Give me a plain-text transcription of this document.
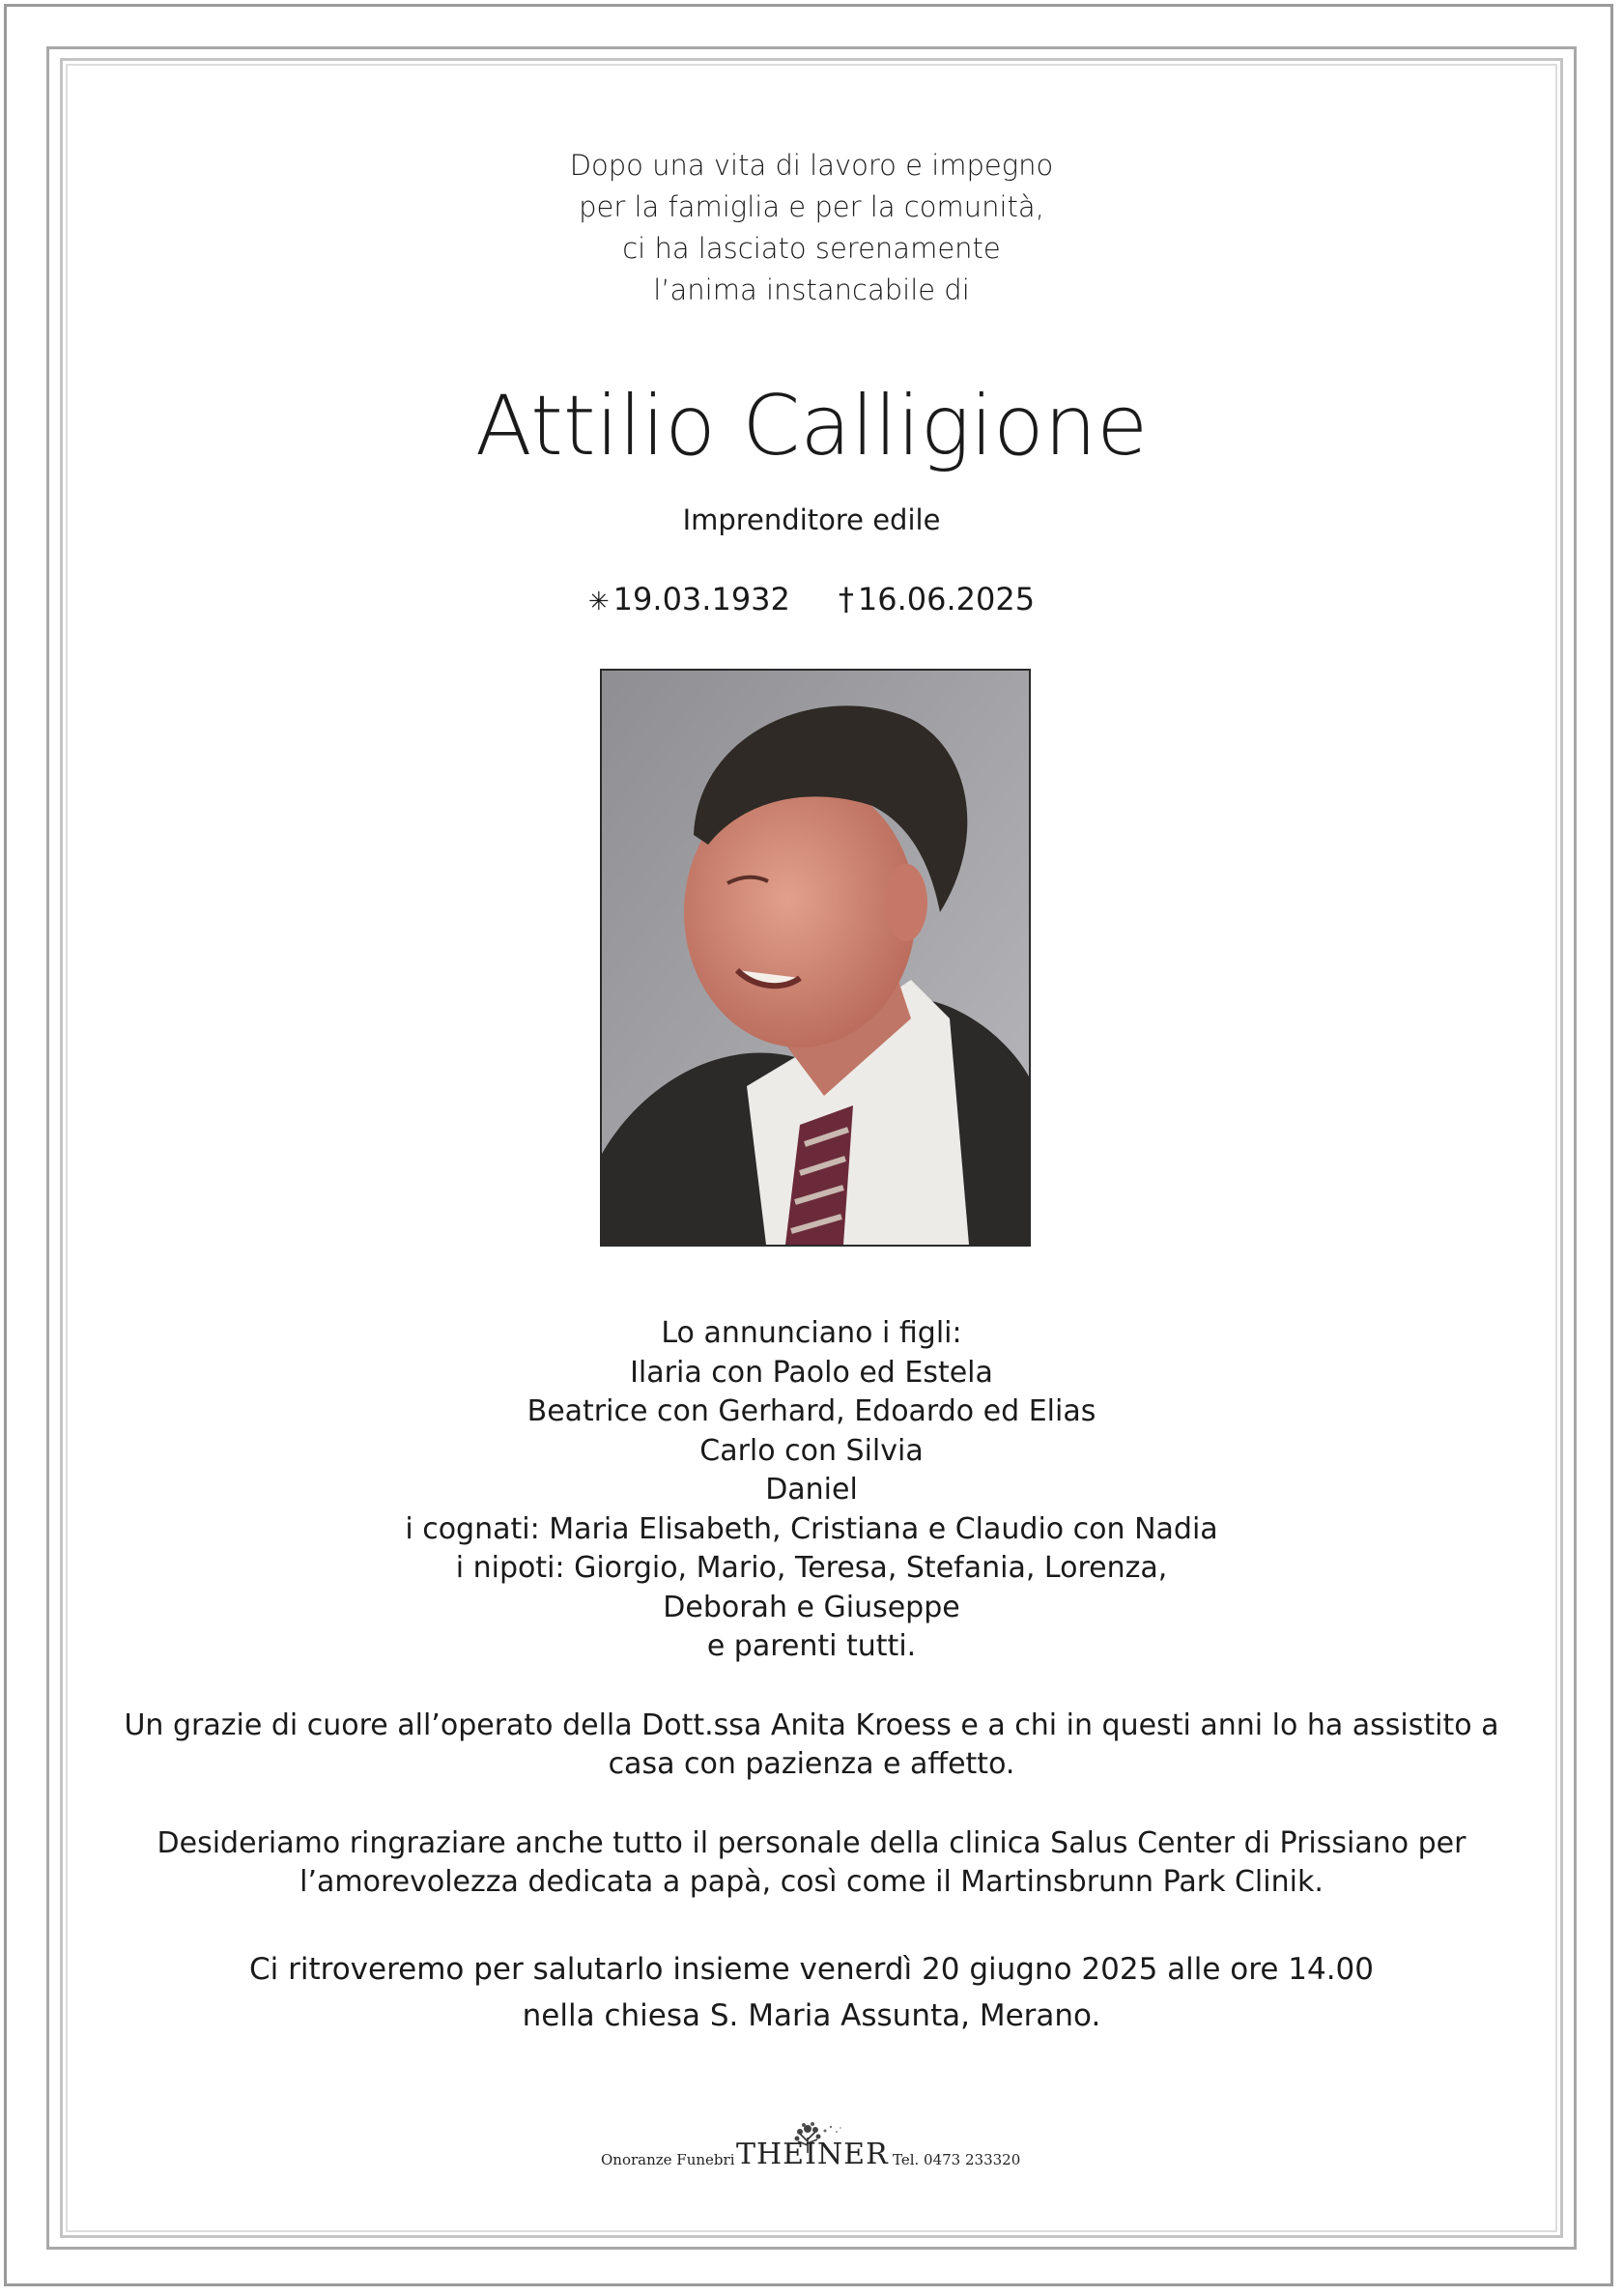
Dopo una vita di lavoro e impegno
per la famiglia e per la comunità,
ci ha lasciato serenamente
l’anima instancabile di
Attilio Calligione
Imprenditore edile
✳ 19.03.1932 † 16.06.2025
Lo annunciano i figli:
Ilaria con Paolo ed Estela
Beatrice con Gerhard, Edoardo ed Elias
Carlo con Silvia
Daniel
i cognati: Maria Elisabeth, Cristiana e Claudio con Nadia
i nipoti: Giorgio, Mario, Teresa, Stefania, Lorenza,
Deborah e Giuseppe
e parenti tutti.
Un grazie di cuore all’operato della Dott.ssa Anita Kroess e a chi in questi anni lo ha assistito a
casa con pazienza e affetto.
Desideriamo ringraziare anche tutto il personale della clinica Salus Center di Prissiano per
l’amorevolezza dedicata a papà, così come il Martinsbrunn Park Clinik.
Ci ritroveremo per salutarlo insieme venerdì 20 giugno 2025 alle ore 14.00
nella chiesa S. Maria Assunta, Merano.
Onoranze Funebri THEINER Tel. 0473 233320
